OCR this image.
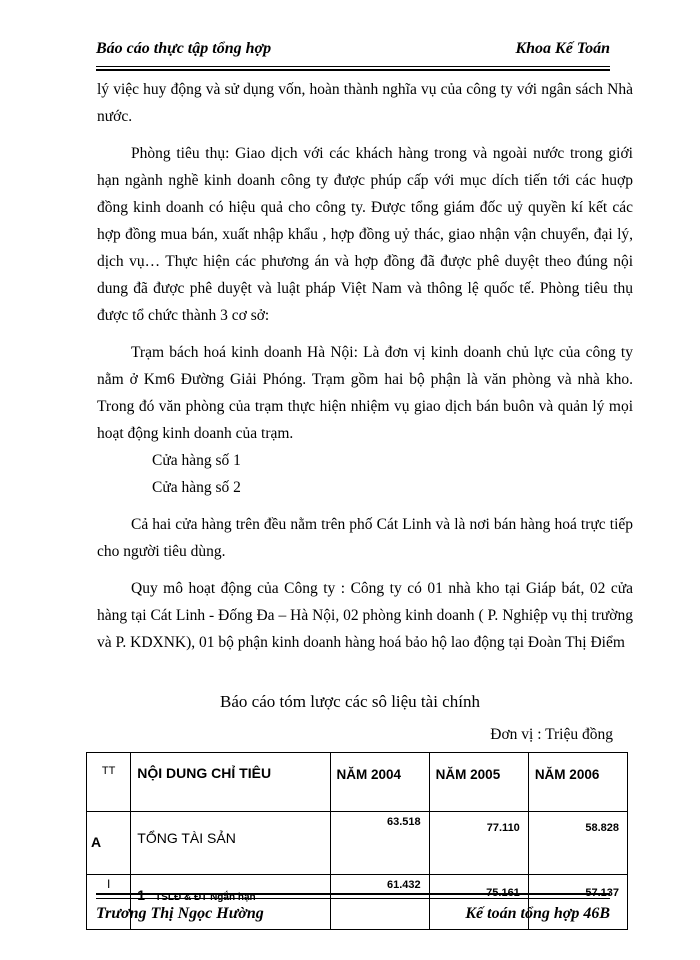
Báo cáo thực tập tổng hợp	Khoa Kế Toán

lý việc huy động và sử dụng vốn, hoàn thành nghĩa vụ của công ty với ngân sách Nhà nước.

Phòng tiêu thụ: Giao dịch với các khách hàng trong và ngoài nước trong giới hạn ngành nghề kinh doanh công ty được phúp cấp với mục dích tiến tới các huợp đồng kinh doanh có hiệu quả cho công ty. Được tổng giám đốc uỷ quyền kí kết các hợp đồng mua bán, xuất nhập khẩu , hợp đồng uỷ thác, giao nhận vận chuyển, đại lý, dịch vụ… Thực hiện các phương án và hợp đồng đã được phê duyệt theo đúng nội dung đã được phê duyệt và luật pháp Việt Nam và thông lệ quốc tế. Phòng tiêu thụ được tổ chức thành 3 cơ sở:

Trạm bách hoá kinh doanh Hà Nội: Là đơn vị kinh doanh chủ lực của công ty nằm ở Km6 Đường Giải Phóng. Trạm gồm hai bộ phận là văn phòng và nhà kho. Trong đó văn phòng của trạm thực hiện nhiệm vụ giao dịch bán buôn và quản lý mọi hoạt động kinh doanh của trạm.

Cửa hàng số 1

Cửa hàng số 2

Cả hai cửa hàng trên đều nằm trên phố Cát Linh và là nơi bán hàng hoá trực tiếp cho người tiêu dùng.

Quy mô hoạt động của Công ty : Công ty có 01 nhà kho tại Giáp bát, 02 cửa hàng tại Cát Linh - Đống Đa – Hà Nội, 02 phòng kinh doanh ( P. Nghiệp vụ thị trường và P. KDXNK), 01 bộ phận kinh doanh hàng hoá bảo hộ lao động tại Đoàn Thị Điểm

Báo cáo tóm lược các sô liệu tài chính
Đơn vị : Triệu đồng
TT	NỘI DUNG CHỈ TIÊU	NĂM 2004	NĂM 2005	NĂM 2006
A	TỔNG TÀI SẢN	63.518	77.110	58.828
I	1 TSLĐ & ĐT Ngắn hạn	61.432	75.161	57.137
Trương Thị Ngọc Hường	Kế toán tổng hợp 46B
